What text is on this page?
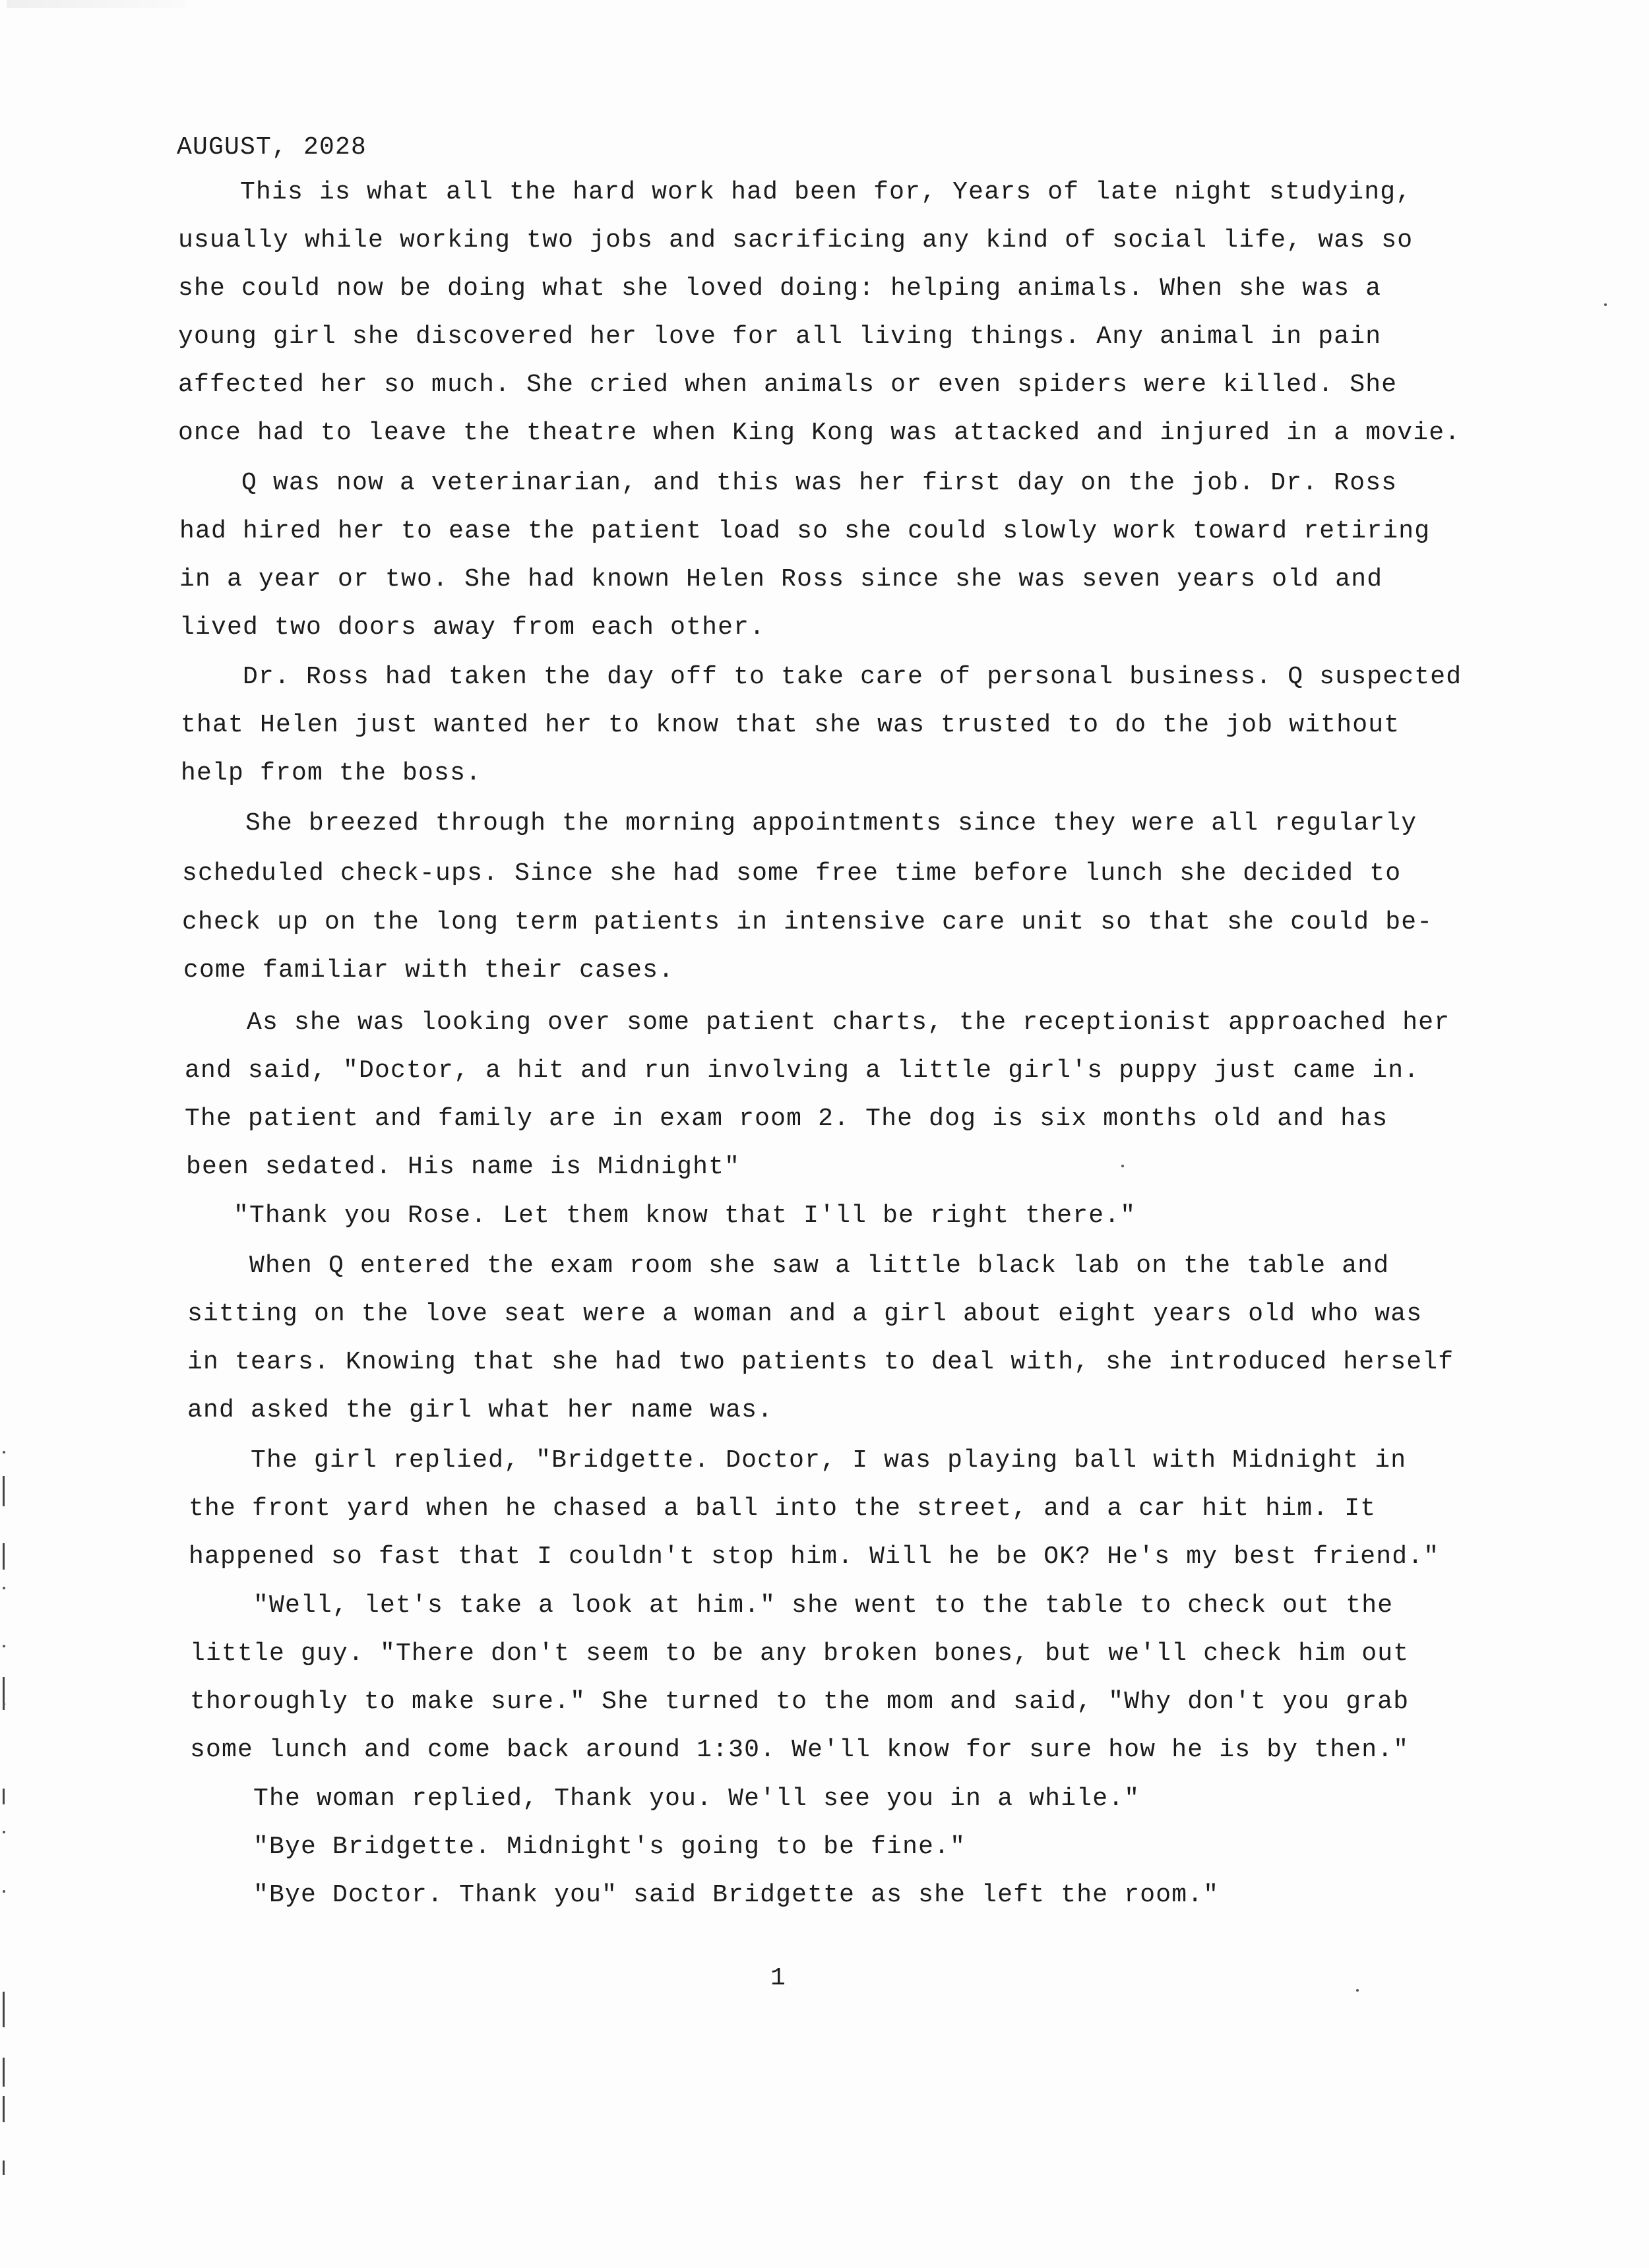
AUGUST, 2028
This is what all the hard work had been for, Years of late night studying,
usually while working two jobs and sacrificing any kind of social life, was so
she could now be doing what she loved doing: helping animals. When she was a
young girl she discovered her love for all living things. Any animal in pain
affected her so much. She cried when animals or even spiders were killed. She
once had to leave the theatre when King Kong was attacked and injured in a movie.
Q was now a veterinarian, and this was her first day on the job. Dr. Ross
had hired her to ease the patient load so she could slowly work toward retiring
in a year or two. She had known Helen Ross since she was seven years old and
lived two doors away from each other.
Dr. Ross had taken the day off to take care of personal business. Q suspected
that Helen just wanted her to know that she was trusted to do the job without
help from the boss.
She breezed through the morning appointments since they were all regularly
scheduled check-ups. Since she had some free time before lunch she decided to
check up on the long term patients in intensive care unit so that she could be-
come familiar with their cases.
As she was looking over some patient charts, the receptionist approached her
and said, "Doctor, a hit and run involving a little girl's puppy just came in.
The patient and family are in exam room 2. The dog is six months old and has
been sedated. His name is Midnight"
"Thank you Rose. Let them know that I'll be right there."
When Q entered the exam room she saw a little black lab on the table and
sitting on the love seat were a woman and a girl about eight years old who was
in tears. Knowing that she had two patients to deal with, she introduced herself
and asked the girl what her name was.
The girl replied, "Bridgette. Doctor, I was playing ball with Midnight in
the front yard when he chased a ball into the street, and a car hit him. It
happened so fast that I couldn't stop him. Will he be OK? He's my best friend."
"Well, let's take a look at him." she went to the table to check out the
little guy. "There don't seem to be any broken bones, but we'll check him out
thoroughly to make sure." She turned to the mom and said, "Why don't you grab
some lunch and come back around 1:30. We'll know for sure how he is by then."
The woman replied, Thank you. We'll see you in a while."
"Bye Bridgette. Midnight's going to be fine."
"Bye Doctor. Thank you" said Bridgette as she left the room."
1
